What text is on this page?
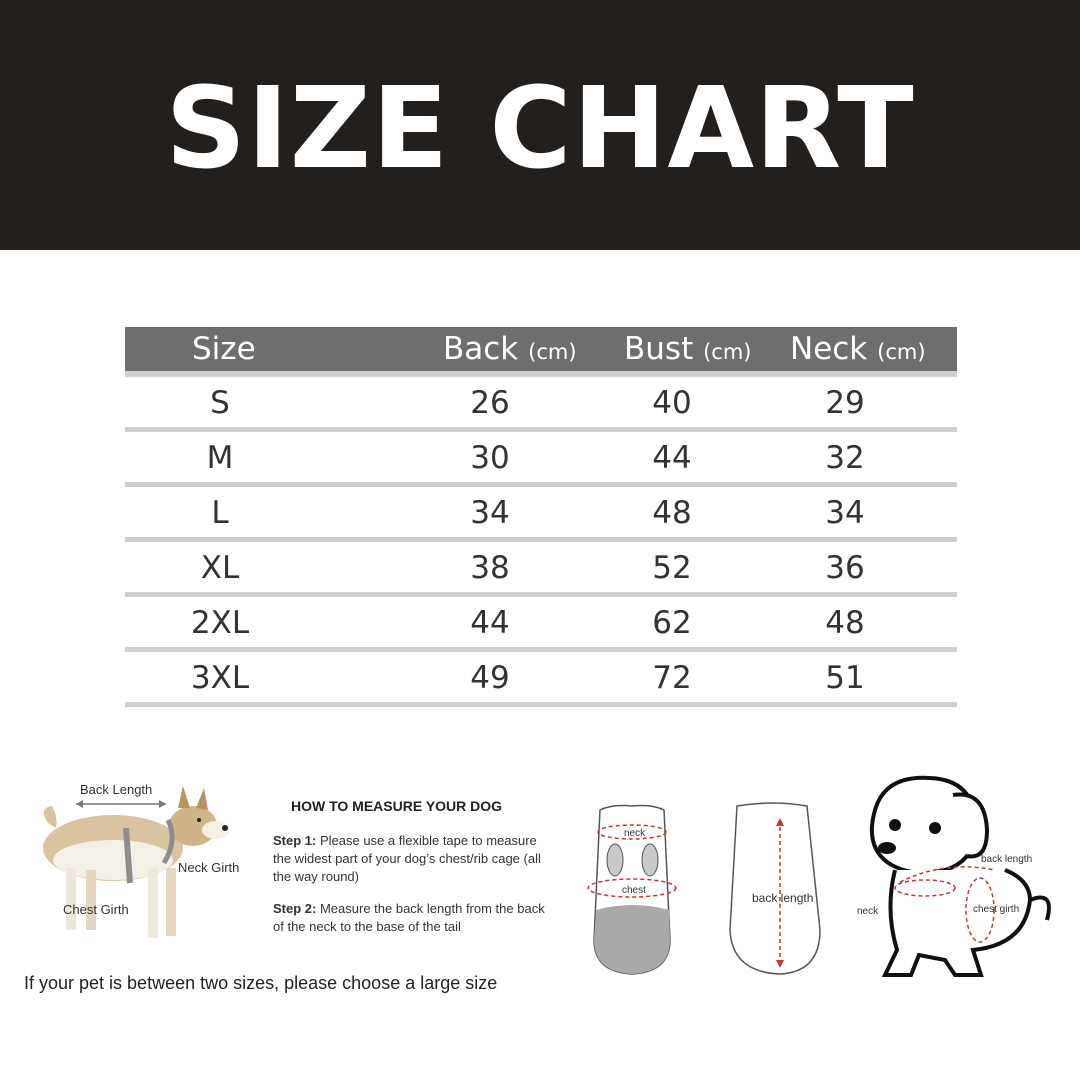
SIZE CHART
Size	Back (cm) Bust (cm) Neck (cm)
S	26	40	29
M	30	44	32
L	34	48	34
XL	38	52	36
2XL	44	62	48
3XL	49	72	51
Back Length
Neck Girth
Chest Girth
HOW TO MEASURE YOUR DOG

Step 1: Please use a flexible tape to measure the widest part of your dog’s chest/rib cage (all the way round)

Step 2: Measure the back length from the back of the neck to the base of the tail

If your pet is between two sizes, please choose a large size
neck
chest
back length
back length
neck	chest girth
